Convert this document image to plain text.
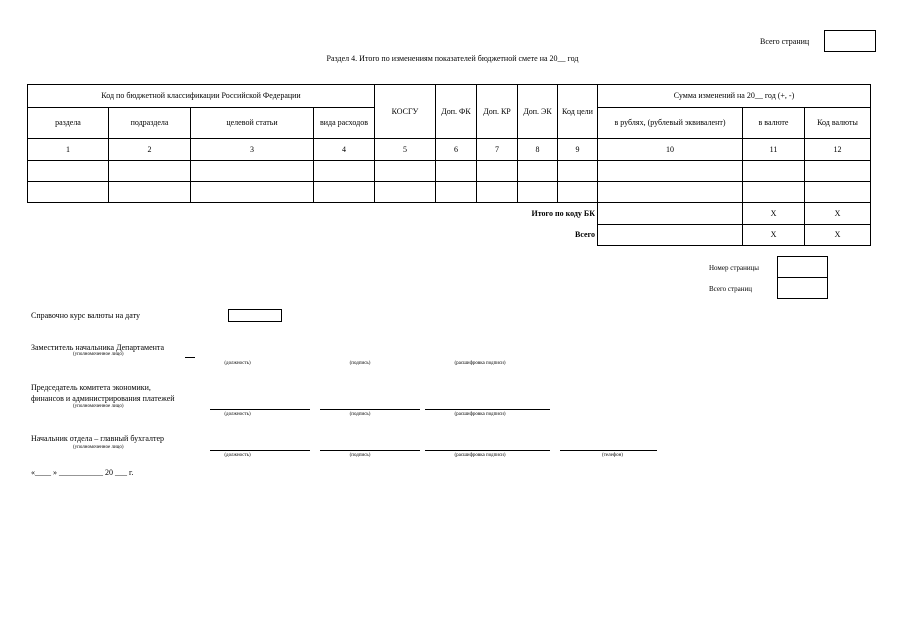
Всего страниц
Раздел 4. Итого по изменениям показателей бюджетной смете на 20__ год
Код по бюджетной классификации Российской Федерации				КОСГУ	Доп. ФК	Доп. КР	Доп. ЭК	Код цели	Сумма изменений на 20__ год (+, -)		
раздела	подраздела	целевой статьи	вида расходов						в рублях, (рублевый эквивалент)	в валюте	Код валюты
1	2	3	4	5	6	7	8	9	10	11	12

Итого по коду БК										X	X
Всего										X	X
Номер страницы
Всего страниц
Справочно курс валюты на дату
Заместитель начальника Департамента
(уполномоченное лицо)
(должность)	(подпись)	(расшифровка подписи)
Председатель комитета экономики,
финансов и администрирования платежей
(уполномоченное лицо)
(должность)	(подпись)	(расшифровка подписи)
Начальник отдела – главный бухгалтер
(уполномоченное лицо)
(должность)	(подпись)	(расшифровка подписи)	(телефон)
«____ » ___________ 20 ___ г.
